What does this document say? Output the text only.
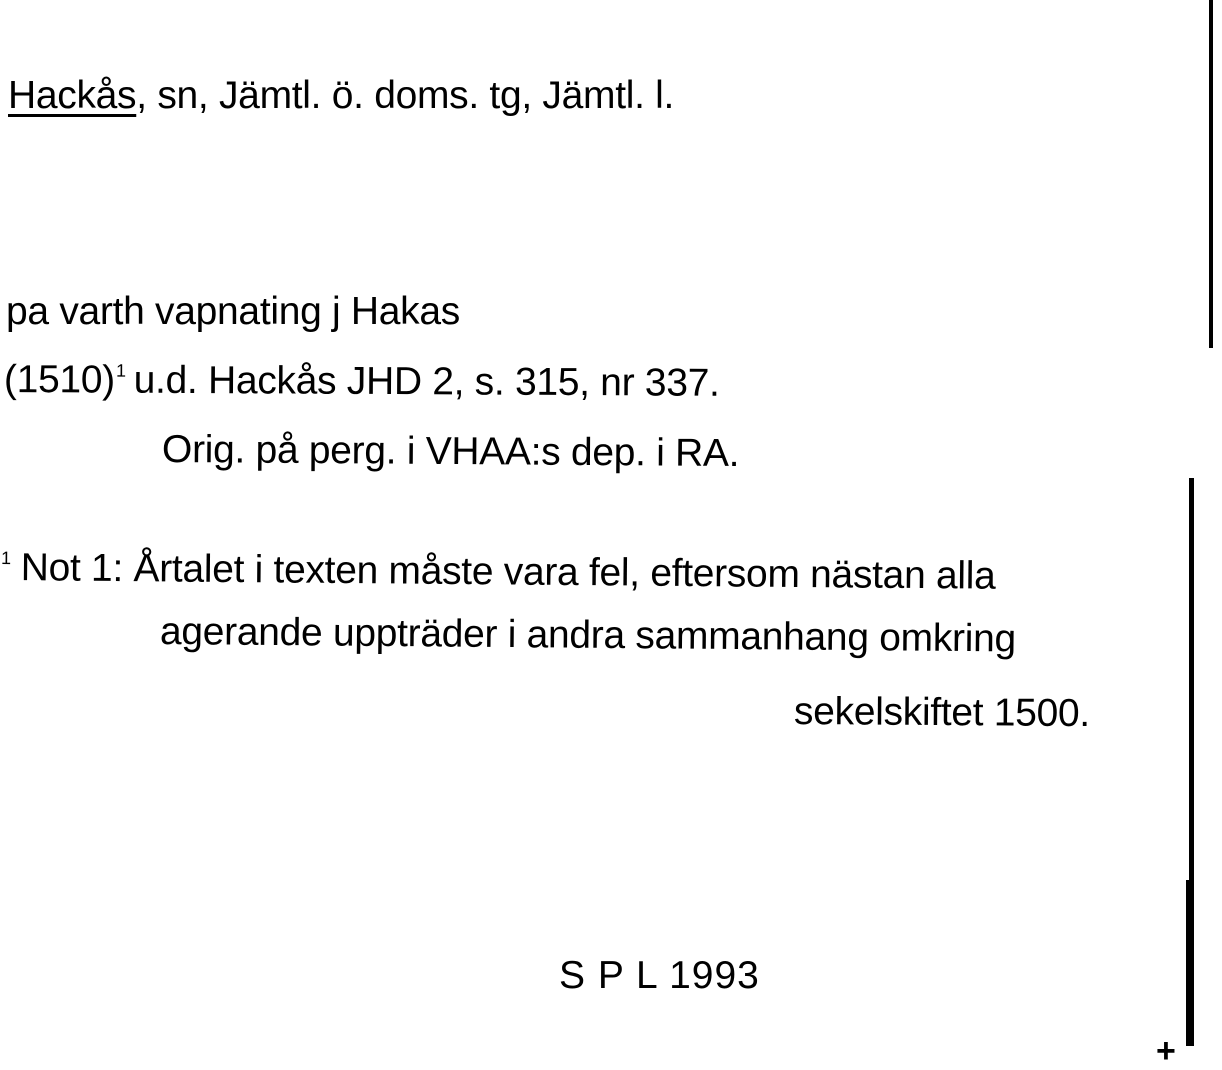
Hackås, sn, Jämtl. ö. doms. tg, Jämtl. l.
pa varth vapnating j Hakas
$(1510)^1$ u.d. Hackås JHD 2, s. 315, nr 337.
Orig. på perg. i VHAA:s dep. i RA.
$^1$ Not 1: Årtalet i texten måste vara fel, eftersom nästan alla
agerande uppträder i andra sammanhang omkring
sekelskiftet 1500.
S P L 1993
+
